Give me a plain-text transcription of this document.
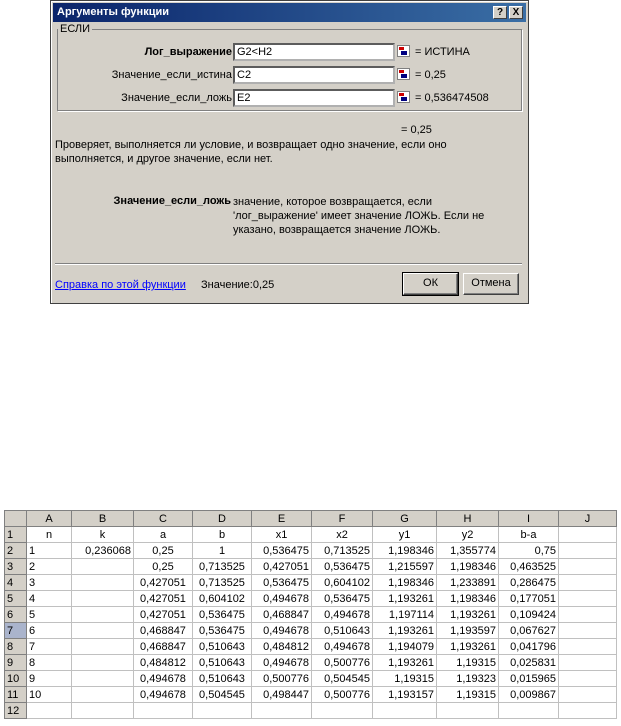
Аргументы функции	? X
ЕСЛИ
Лог_выражение G2<H2	= ИСТИНА
Значение_если_истина C2	= 0,25
Значение_если_ложь E2	= 0,536474508
= 0,25
Проверяет, выполняется ли условие, и возвращает одно значение, если оно выполняется, и другое значение, если нет.
Значение_если_ложь значение, которое возвращается, если 'лог_выражение' имеет значение ЛОЖЬ. Если не указано, возвращается значение ЛОЖЬ.
Справка по этой функции Значение:0,25	ОК	Отмена
	A	B	C	D	E	F	G	H	I	J
1	n	k	a	b	x1	x2	y1	y2	b-a	
2	1	0,236068	0,25	1	0,536475	0,713525	1,198346	1,355774	0,75	
3	2		0,25	0,713525	0,427051	0,536475	1,215597	1,198346	0,463525	
4	3		0,427051	0,713525	0,536475	0,604102	1,198346	1,233891	0,286475	
5	4		0,427051	0,604102	0,494678	0,536475	1,193261	1,198346	0,177051	
6	5		0,427051	0,536475	0,468847	0,494678	1,197114	1,193261	0,109424	
7	6		0,468847	0,536475	0,494678	0,510643	1,193261	1,193597	0,067627	
8	7		0,468847	0,510643	0,484812	0,494678	1,194079	1,193261	0,041796	
9	8		0,484812	0,510643	0,494678	0,500776	1,193261	1,19315	0,025831	
10	9		0,494678	0,510643	0,500776	0,504545	1,19315	1,19323	0,015965	
11	10		0,494678	0,504545	0,498447	0,500776	1,193157	1,19315	0,009867	
12										
